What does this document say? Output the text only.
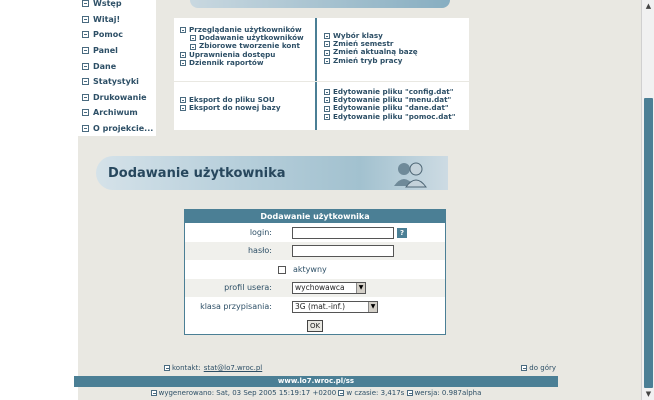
Wstęp
Witaj!
Pomoc
Panel
Dane
Statystyki
Drukowanie
Archiwum
O projekcie...
Przeglądanie użytkowników
Dodawanie użytkowników
Zbiorowe tworzenie kont
Uprawnienia dostępu
Dziennik raportów
Wybór klasy
Zmień semestr
Zmień aktualną bazę
Zmień tryb pracy
Eksport do pliku SOU
Eksport do nowej bazy
Edytowanie pliku "config.dat"
Edytowanie pliku "menu.dat"
Edytowanie pliku "dane.dat"
Edytowanie pliku "pomoc.dat"
Dodawanie użytkownika
Dodawanie użytkownika
login:	?
hasło:
aktywny
profil usera:	wychowawca	▼
klasa przypisania:	3G (mat.-inf.)	▼
OK
kontakt: stat@lo7.wroc.pl	do góry
www.lo7.wroc.pl/ss
wygenerowano: Sat, 03 Sep 2005 15:19:17 +0200 w czasie: 3,417s wersja: 0.987alpha
▲
▼
